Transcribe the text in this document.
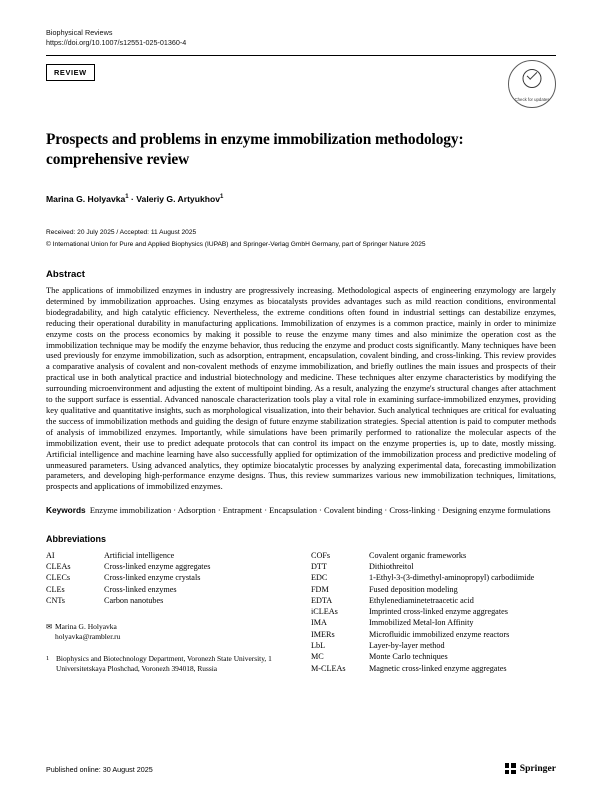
Biophysical Reviews
https://doi.org/10.1007/s12551-025-01360-4
REVIEW
Check for updates
Prospects and problems in enzyme immobilization methodology: comprehensive review
Marina G. Holyavka$^1$ · Valeriy G. Artyukhov$^1$
Received: 20 July 2025 / Accepted: 11 August 2025
© International Union for Pure and Applied Biophysics (IUPAB) and Springer-Verlag GmbH Germany, part of Springer Nature 2025
Abstract

The applications of immobilized enzymes in industry are progressively increasing. Methodological aspects of engineering enzymology are largely determined by immobilization approaches. Using enzymes as biocatalysts provides advantages such as mild reaction conditions, environmental biodegradability, and high catalytic efficiency. Nevertheless, the extreme conditions often found in industrial settings can destabilize enzymes, reducing their operational durability in manufacturing applications. Immobilization of enzymes is a common practice, mainly in order to minimize enzyme costs on the process economics by making it possible to reuse the enzyme many times and also minimize the operation cost as the immobilization technique may be modify the enzyme behavior, thus reducing the enzyme and product costs significantly. Many techniques have been used previously for enzyme immobilization, such as adsorption, entrapment, encapsulation, covalent binding, and cross-linking. This review provides a comparative analysis of covalent and non-covalent methods of enzyme immobilization, and briefly outlines the main issues and prospects of their practical use in both analytical practice and industrial biotechnology and medicine. These techniques alter enzyme characteristics by modifying the surrounding microenvironment and adjusting the extent of multipoint binding. As a result, analyzing the enzyme's structural changes after attachment to the support surface is essential. Advanced nanoscale characterization tools play a vital role in examining surface-immobilized enzymes, providing key qualitative and quantitative insights, such as morphological visualization, into their behavior. Such analytical techniques are critical for evaluating the success of immobilization methods and guiding the design of future enzyme stabilization strategies. Special attention is paid to computer methods of analysis of immobilized enzymes. Importantly, while simulations have been primarily performed to rationalize the molecular aspects of the immobilization event, their use to predict adequate protocols that can control its impact on the enzyme properties is, up to date, mostly missing. Artificial intelligence and machine learning have also successfully applied for optimization of the immobilization process and predictive modeling of unmeasured parameters. Using advanced analytics, they optimize biocatalytic processes by analyzing experimental data, forecasting immobilization parameters, and developing high-performance enzyme designs. Thus, this review summarizes various new immobilization techniques, limitations, prospects and applications of immobilized enzymes.

Keywords Enzyme immobilization · Adsorption · Entrapment · Encapsulation · Covalent binding · Cross-linking · Designing enzyme formulations
Abbreviations
AI	Artificial intelligence
CLEAs	Cross-linked enzyme aggregates
CLECs	Cross-linked enzyme crystals
CLEs	Cross-linked enzymes
CNTs	Carbon nanotubes
✉ Marina G. Holyavka

holyavka@rambler.ru
1 Biophysics and Biotechnology Department, Voronezh State University, 1 Universitetskaya Ploshchad, Voronezh 394018, Russia
COFs	Covalent organic frameworks
DTT	Dithiothreitol
EDC	1-Ethyl-3-(3-dimethyl-aminopropyl) carbodiimide
FDM	Fused deposition modeling
EDTA	Ethylenediaminetetraacetic acid
iCLEAs	Imprinted cross-linked enzyme aggregates
IMA	Immobilized Metal-Ion Affinity
IMERs	Microfluidic immobilized enzyme reactors
LbL	Layer-by-layer method
MC	Monte Carlo techniques
M-CLEAs	Magnetic cross-linked enzyme aggregates
Published online: 30 August 2025	Springer
